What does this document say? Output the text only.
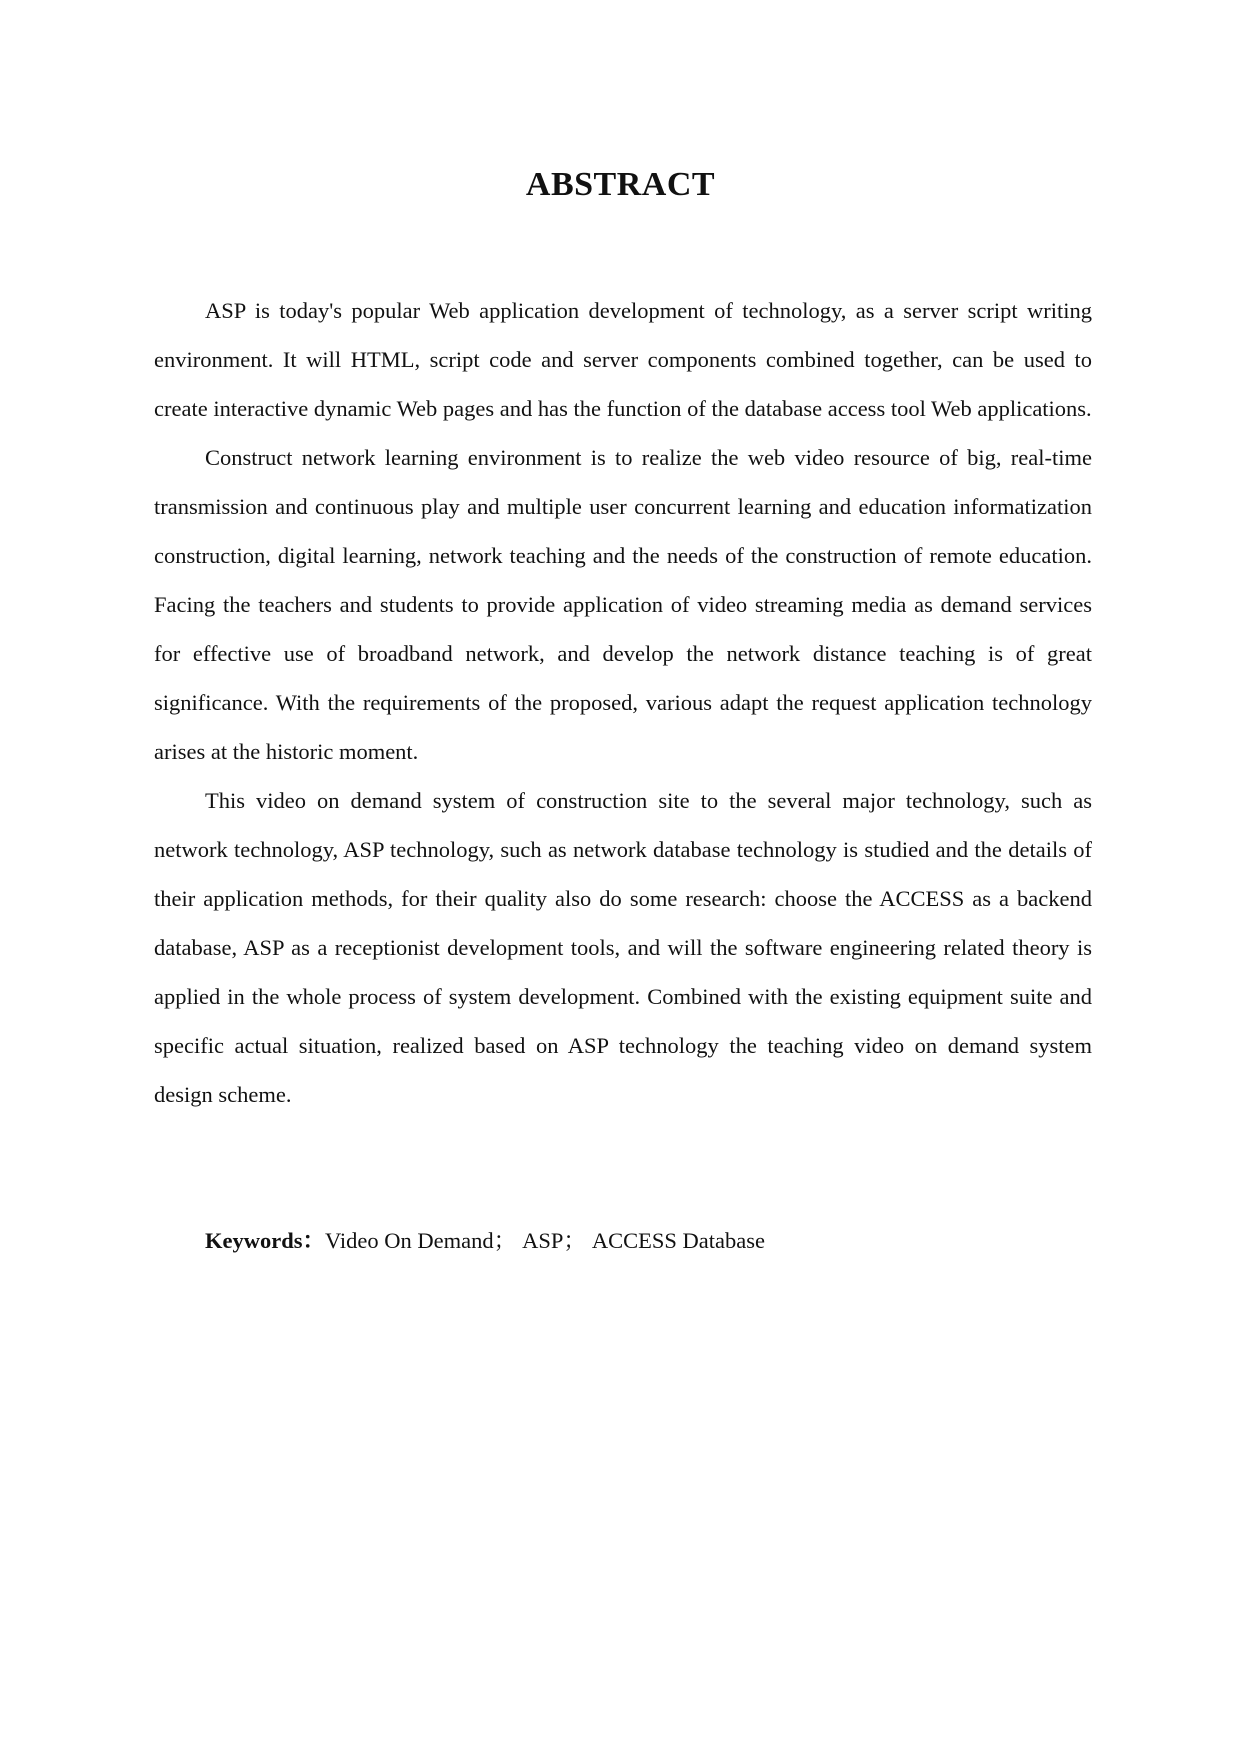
ABSTRACT

ASP is today's popular Web application development of technology, as a server script writing environment. It will HTML, script code and server components combined together, can be used to create interactive dynamic Web pages and has the function of the database access tool Web applications.

Construct network learning environment is to realize the web video resource of big, real-time transmission and continuous play and multiple user concurrent learning and education informatization construction, digital learning, network teaching and the needs of the construction of remote education. Facing the teachers and students to provide application of video streaming media as demand services for effective use of broadband network, and develop the network distance teaching is of great significance. With the requirements of the proposed, various adapt the request application technology arises at the historic moment.

This video on demand system of construction site to the several major technology, such as network technology, ASP technology, such as network database technology is studied and the details of their application methods, for their quality also do some research: choose the ACCESS as a backend database, ASP as a receptionist development tools, and will the software engineering related theory is applied in the whole process of system development. Combined with the existing equipment suite and specific actual situation, realized based on ASP technology the teaching video on demand system design scheme.

Keywords：Video On Demand； ASP； ACCESS Database
